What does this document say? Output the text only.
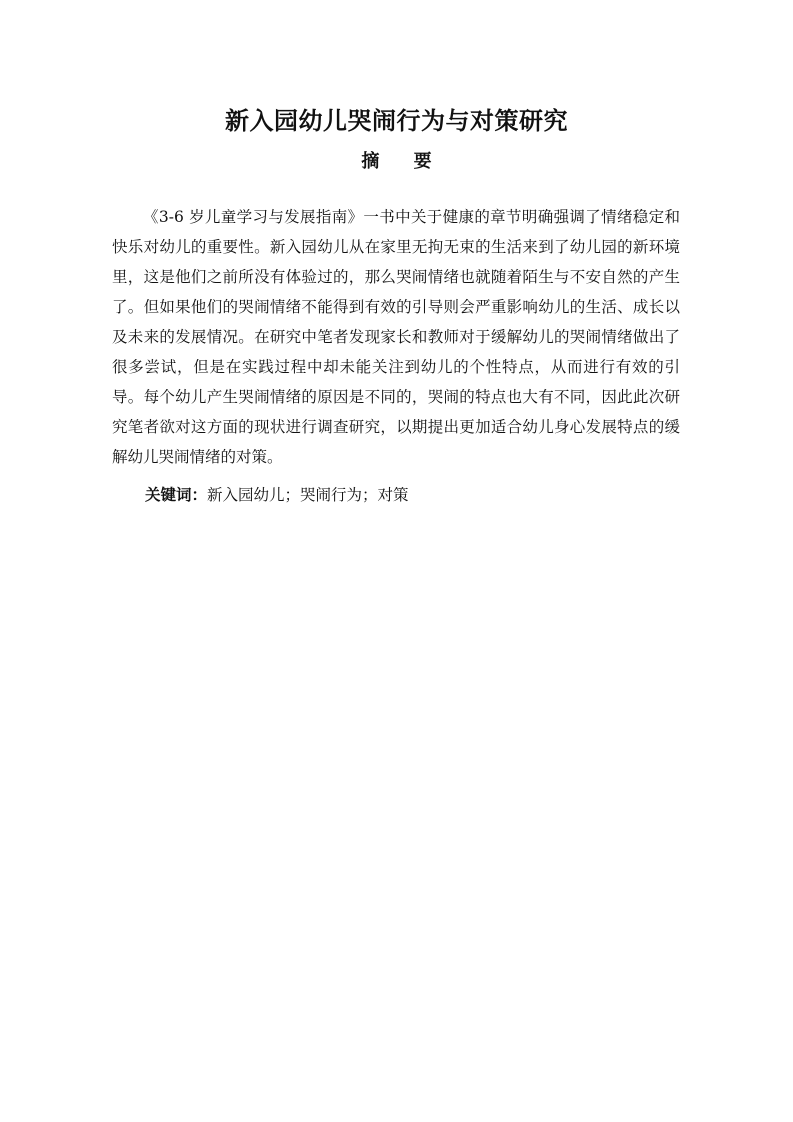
新入园幼儿哭闹行为与对策研究
摘 要

《3-6 岁儿童学习与发展指南》一书中关于健康的章节明确强调了情绪稳定和快乐对幼儿的重要性。新入园幼儿从在家里无拘无束的生活来到了幼儿园的新环境里，这是他们之前所没有体验过的，那么哭闹情绪也就随着陌生与不安自然的产生了。但如果他们的哭闹情绪不能得到有效的引导则会严重影响幼儿的生活、成长以及未来的发展情况。在研究中笔者发现家长和教师对于缓解幼儿的哭闹情绪做出了很多尝试，但是在实践过程中却未能关注到幼儿的个性特点，从而进行有效的引导。每个幼儿产生哭闹情绪的原因是不同的，哭闹的特点也大有不同，因此此次研究笔者欲对这方面的现状进行调查研究，以期提出更加适合幼儿身心发展特点的缓解幼儿哭闹情绪的对策。

关键词：新入园幼儿；哭闹行为；对策
